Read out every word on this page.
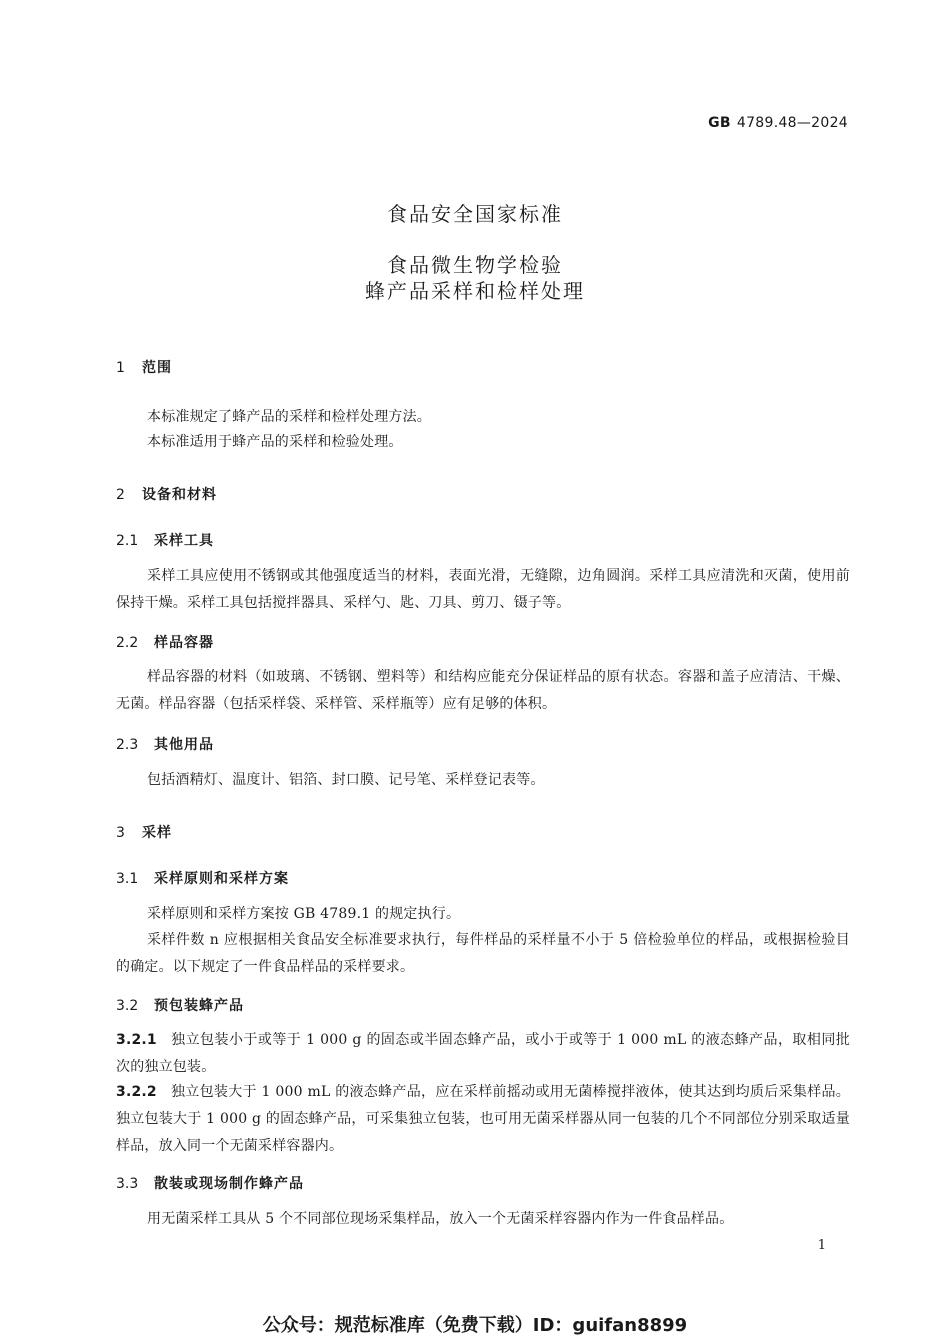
GB 4789.48—2024
食品安全国家标准
食品微生物学检验
蜂产品采样和检样处理
1 范围
本标准规定了蜂产品的采样和检样处理方法。
本标准适用于蜂产品的采样和检验处理。
2 设备和材料
2.1 采样工具
采样工具应使用不锈钢或其他强度适当的材料，表面光滑，无缝隙，边角圆润。采样工具应清洗和灭菌，使用前保持干燥。采样工具包括搅拌器具、采样勺、匙、刀具、剪刀、镊子等。
2.2 样品容器
样品容器的材料（如玻璃、不锈钢、塑料等）和结构应能充分保证样品的原有状态。容器和盖子应清洁、干燥、无菌。样品容器（包括采样袋、采样管、采样瓶等）应有足够的体积。
2.3 其他用品
包括酒精灯、温度计、铝箔、封口膜、记号笔、采样登记表等。
3 采样
3.1 采样原则和采样方案
采样原则和采样方案按 GB 4789.1 的规定执行。
采样件数 n 应根据相关食品安全标准要求执行，每件样品的采样量不小于 5 倍检验单位的样品，或根据检验目的确定。以下规定了一件食品样品的采样要求。
3.2 预包装蜂产品
3.2.1 独立包装小于或等于 1 000 g 的固态或半固态蜂产品，或小于或等于 1 000 mL 的液态蜂产品，取相同批次的独立包装。
3.2.2 独立包装大于 1 000 mL 的液态蜂产品，应在采样前摇动或用无菌棒搅拌液体，使其达到均质后采集样品。独立包装大于 1 000 g 的固态蜂产品，可采集独立包装，也可用无菌采样器从同一包装的几个不同部位分别采取适量样品，放入同一个无菌采样容器内。
3.3 散装或现场制作蜂产品
用无菌采样工具从 5 个不同部位现场采集样品，放入一个无菌采样容器内作为一件食品样品。
1
公众号：规范标准库（免费下载）ID：guifan8899
